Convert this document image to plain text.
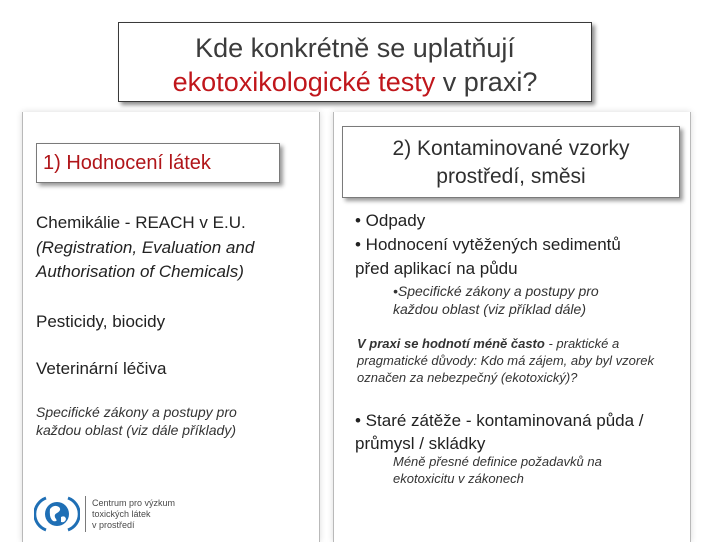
Kde konkrétně se uplatňují
ekotoxikologické testy v praxi?
1) Hodnocení látek
2) Kontaminované vzorky
prostředí, směsi
Chemikálie - REACH v E.U.
(Registration, Evaluation and
Authorisation of Chemicals)
Pesticidy, biocidy
Veterinární léčiva
Specifické zákony a postupy pro
každou oblast (viz dále příklady)
• Odpady
• Hodnocení vytěžených sedimentů
před aplikací na půdu
•Specifické zákony a postupy pro
každou oblast (viz příklad dále)
V praxi se hodnotí méně často - praktické a
pragmatické důvody: Kdo má zájem, aby byl vzorek
označen za nebezpečný (ekotoxický)?
• Staré zátěže - kontaminovaná půda /
průmysl / skládky
Méně přesné definice požadavků na
ekotoxicitu v zákonech
Centrum pro výzkum
toxických látek
v prostředí
